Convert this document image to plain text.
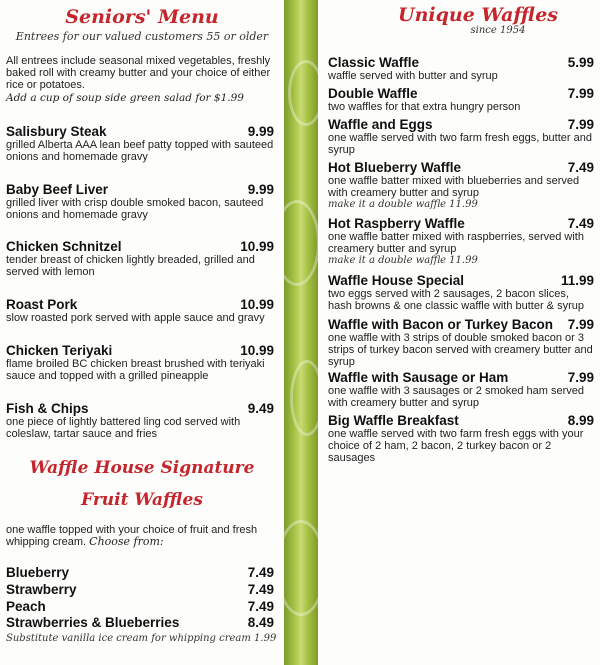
Seniors' Menu
Entrees for our valued customers 55 or older
All entrees include seasonal mixed vegetables, freshly baked roll with creamy butter and your choice of either rice or potatoes.
Add a cup of soup side green salad for $1.99
Salisbury Steak	9.99
grilled Alberta AAA lean beef patty topped with sauteed onions and homemade gravy
Baby Beef Liver	9.99
grilled liver with crisp double smoked bacon, sauteed onions and homemade gravy
Chicken Schnitzel	10.99
tender breast of chicken lightly breaded, grilled and served with lemon
Roast Pork	10.99
slow roasted pork served with apple sauce and gravy
Chicken Teriyaki	10.99
flame broiled BC chicken breast brushed with teriyaki sauce and topped with a grilled pineapple
Fish & Chips	9.49
one piece of lightly battered ling cod served with coleslaw, tartar sauce and fries
Waffle House Signature
Fruit Waffles
one waffle topped with your choice of fruit and fresh whipping cream. Choose from:
Blueberry	7.49
Strawberry	7.49
Peach	7.49
Strawberries & Blueberries	8.49
Substitute vanilla ice cream for whipping cream 1.99
Unique Waffles
since 1954
Classic Waffle	5.99
waffle served with butter and syrup
Double Waffle	7.99
two waffles for that extra hungry person
Waffle and Eggs	7.99
one waffle served with two farm fresh eggs, butter and syrup
Hot Blueberry Waffle	7.49
one waffle batter mixed with blueberries and served with creamery butter and syrup
make it a double waffle 11.99
Hot Raspberry Waffle	7.49
one waffle batter mixed with raspberries, served with creamery butter and syrup
make it a double waffle 11.99
Waffle House Special	11.99
two eggs served with 2 sausages, 2 bacon slices, hash browns & one classic waffle with butter & syrup
Waffle with Bacon or Turkey Bacon	7.99
one waffle with 3 strips of double smoked bacon or 3 strips of turkey bacon served with creamery butter and syrup
Waffle with Sausage or Ham	7.99
one waffle with 3 sausages or 2 smoked ham served with creamery butter and syrup
Big Waffle Breakfast	8.99
one waffle served with two farm fresh eggs with your choice of 2 ham, 2 bacon, 2 turkey bacon or 2 sausages
